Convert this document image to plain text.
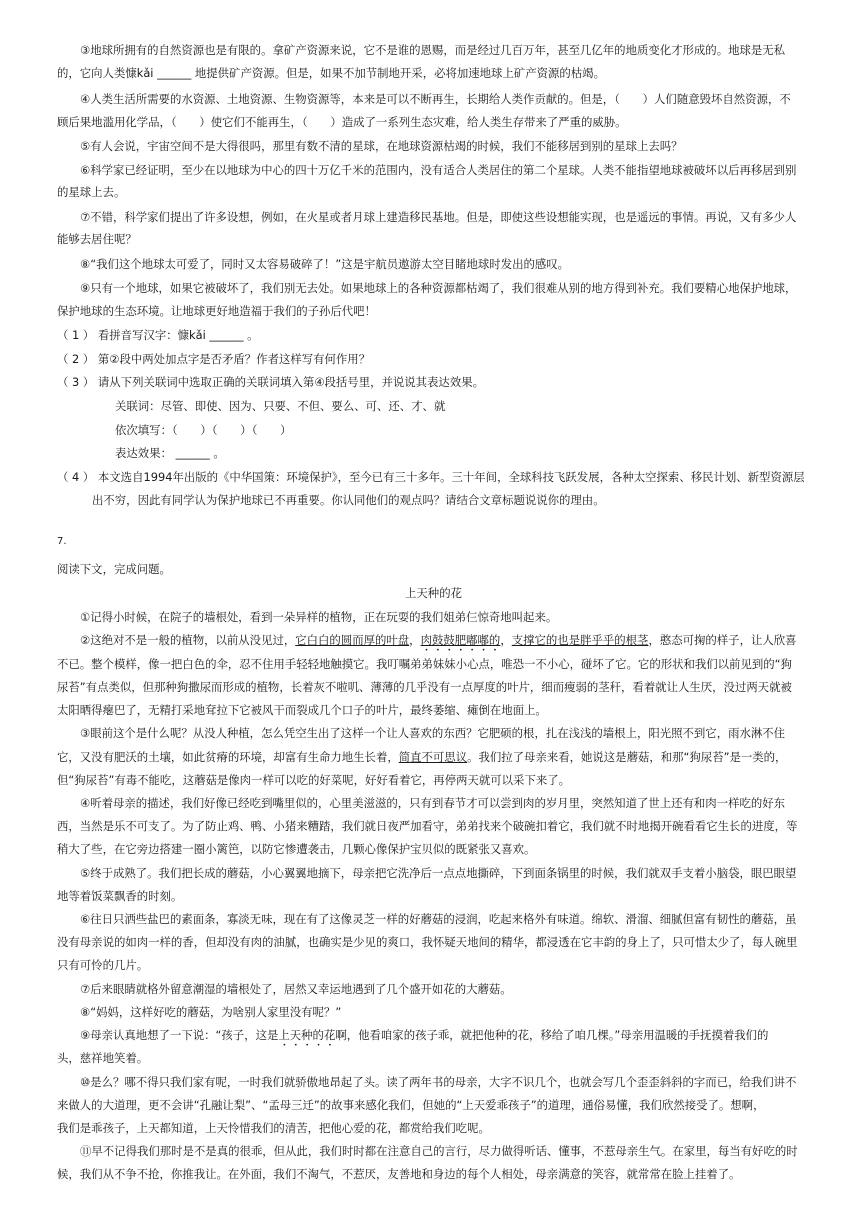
③地球所拥有的自然资源也是有限的。拿矿产资源来说，它不是谁的恩赐，而是经过几百万年，甚至几亿年的地质变化才形成的。地球是无私
的，它向人类慷kǎi ______ 地提供矿产资源。但是，如果不加节制地开采，必将加速地球上矿产资源的枯竭。
④人类生活所需要的水资源、土地资源、生物资源等，本来是可以不断再生，长期给人类作贡献的。但是，（　　）人们随意毁坏自然资源，不
顾后果地滥用化学品，（　　）使它们不能再生，（　　）造成了一系列生态灾难，给人类生存带来了严重的威胁。
⑤有人会说，宇宙空间不是大得很吗，那里有数不清的星球，在地球资源枯竭的时候，我们不能移居到别的星球上去吗？
⑥科学家已经证明，至少在以地球为中心的四十万亿千米的范围内，没有适合人类居住的第二个星球。人类不能指望地球被破坏以后再移居到别
的星球上去。
⑦不错，科学家们提出了许多设想，例如，在火星或者月球上建造移民基地。但是，即使这些设想能实现，也是遥远的事情。再说，又有多少人
能够去居住呢？
⑧“我们这个地球太可爱了，同时又太容易破碎了！”这是宇航员遨游太空目睹地球时发出的感叹。
⑨只有一个地球，如果它被破坏了，我们别无去处。如果地球上的各种资源都枯竭了，我们很难从别的地方得到补充。我们要精心地保护地球，
保护地球的生态环境。让地球更好地造福于我们的子孙后代吧！
（ 1 ） 看拼音写汉字：慷kǎi ______ 。
（ 2 ） 第②段中两处加点字是否矛盾？作者这样写有何作用？
（ 3 ） 请从下列关联词中选取正确的关联词填入第④段括号里，并说说其表达效果。
关联词：尽管、即使、因为、只要、不但、要么、可、还、才、就
依次填写：（　　）（　　）（　　）
表达效果： ______ 。
（ 4 ） 本文选自1994年出版的《中华国策：环境保护》，至今已有三十多年。三十年间，全球科技飞跃发展，各种太空探索、移民计划、新型资源层
出不穷，因此有同学认为保护地球已不再重要。你认同他们的观点吗？请结合文章标题说说你的理由。
7.
阅读下文，完成问题。
上天种的花
①记得小时候，在院子的墙根处，看到一朵异样的植物，正在玩耍的我们姐弟仨惊奇地叫起来。
②这绝对不是一般的植物，以前从没见过，它白白的圆而厚的叶盘，肉鼓鼓肥嘟嘟的，支撑它的也是胖乎乎的根茎，憨态可掬的样子，让人欣喜
不已。整个模样，像一把白色的伞，忍不住用手轻轻地触摸它。我叮嘱弟弟妹妹小心点，唯恐一不小心，碰坏了它。它的形状和我们以前见到的“狗
尿苔”有点类似，但那种狗撒尿而形成的植物，长着灰不啦叽、薄薄的几乎没有一点厚度的叶片，细而瘦弱的茎秆，看着就让人生厌，没过两天就被
太阳晒得瘪巴了，无精打采地耷拉下它被风干而裂成几个口子的叶片，最终萎缩、瘫倒在地面上。
③眼前这个是什么呢？从没人种植，怎么凭空生出了这样一个让人喜欢的东西？它肥硕的根，扎在浅浅的墙根上，阳光照不到它，雨水淋不住
它，又没有肥沃的土壤，如此贫瘠的环境，却富有生命力地生长着，简直不可思议。我们拉了母亲来看，她说这是蘑菇，和那“狗尿苔”是一类的，
但“狗尿苔”有毒不能吃，这蘑菇是像肉一样可以吃的好菜呢，好好看着它，再停两天就可以采下来了。
④听着母亲的描述，我们好像已经吃到嘴里似的，心里美滋滋的，只有到春节才可以尝到肉的岁月里，突然知道了世上还有和肉一样吃的好东
西，当然是乐不可支了。为了防止鸡、鸭、小猪来糟踏，我们就日夜严加看守，弟弟找来个破碗扣着它，我们就不时地揭开碗看看它生长的进度，等
稍大了些，在它旁边搭建一圈小篱笆，以防它惨遭袭击，几颗心像保护宝贝似的既紧张又喜欢。
⑤终于成熟了。我们把长成的蘑菇，小心翼翼地摘下，母亲把它洗净后一点点地撕碎，下到面条锅里的时候，我们就双手支着小脑袋，眼巴眼望
地等着饭菜飘香的时刻。
⑥往日只洒些盐巴的素面条，寡淡无味，现在有了这像灵芝一样的好蘑菇的浸润，吃起来格外有味道。绵软、滑溜、细腻但富有韧性的蘑菇，虽
没有母亲说的如肉一样的香，但却没有肉的油腻，也确实是少见的爽口，我怀疑天地间的精华，都浸透在它丰韵的身上了，只可惜太少了，每人碗里
只有可怜的几片。
⑦后来眼睛就格外留意潮湿的墙根处了，居然又幸运地遇到了几个盛开如花的大蘑菇。
⑧“妈妈，这样好吃的蘑菇，为啥别人家里没有呢？”
⑨母亲认真地想了一下说：“孩子，这是上天种的花啊，他看咱家的孩子乖，就把他种的花，移给了咱几棵。”母亲用温暖的手抚摸着我们的
头，慈祥地笑着。
⑩是么？哪不得只我们家有呢，一时我们就骄傲地昂起了头。读了两年书的母亲，大字不识几个，也就会写几个歪歪斜斜的字而已，给我们讲不
来做人的大道理，更不会讲“孔融让梨”、“孟母三迁”的故事来感化我们，但她的“上天爱乖孩子”的道理，通俗易懂，我们欣然接受了。想啊，
我们是乖孩子，上天都知道，上天怜惜我们的清苦，把他心爱的花，都赏给我们吃呢。
⑪早不记得我们那时是不是真的很乖，但从此，我们时时都在注意自己的言行，尽力做得听话、懂事，不惹母亲生气。在家里，每当有好吃的时
候，我们从不争不抢，你推我让。在外面，我们不淘气，不惹厌，友善地和身边的每个人相处，母亲满意的笑容，就常常在脸上挂着了。
